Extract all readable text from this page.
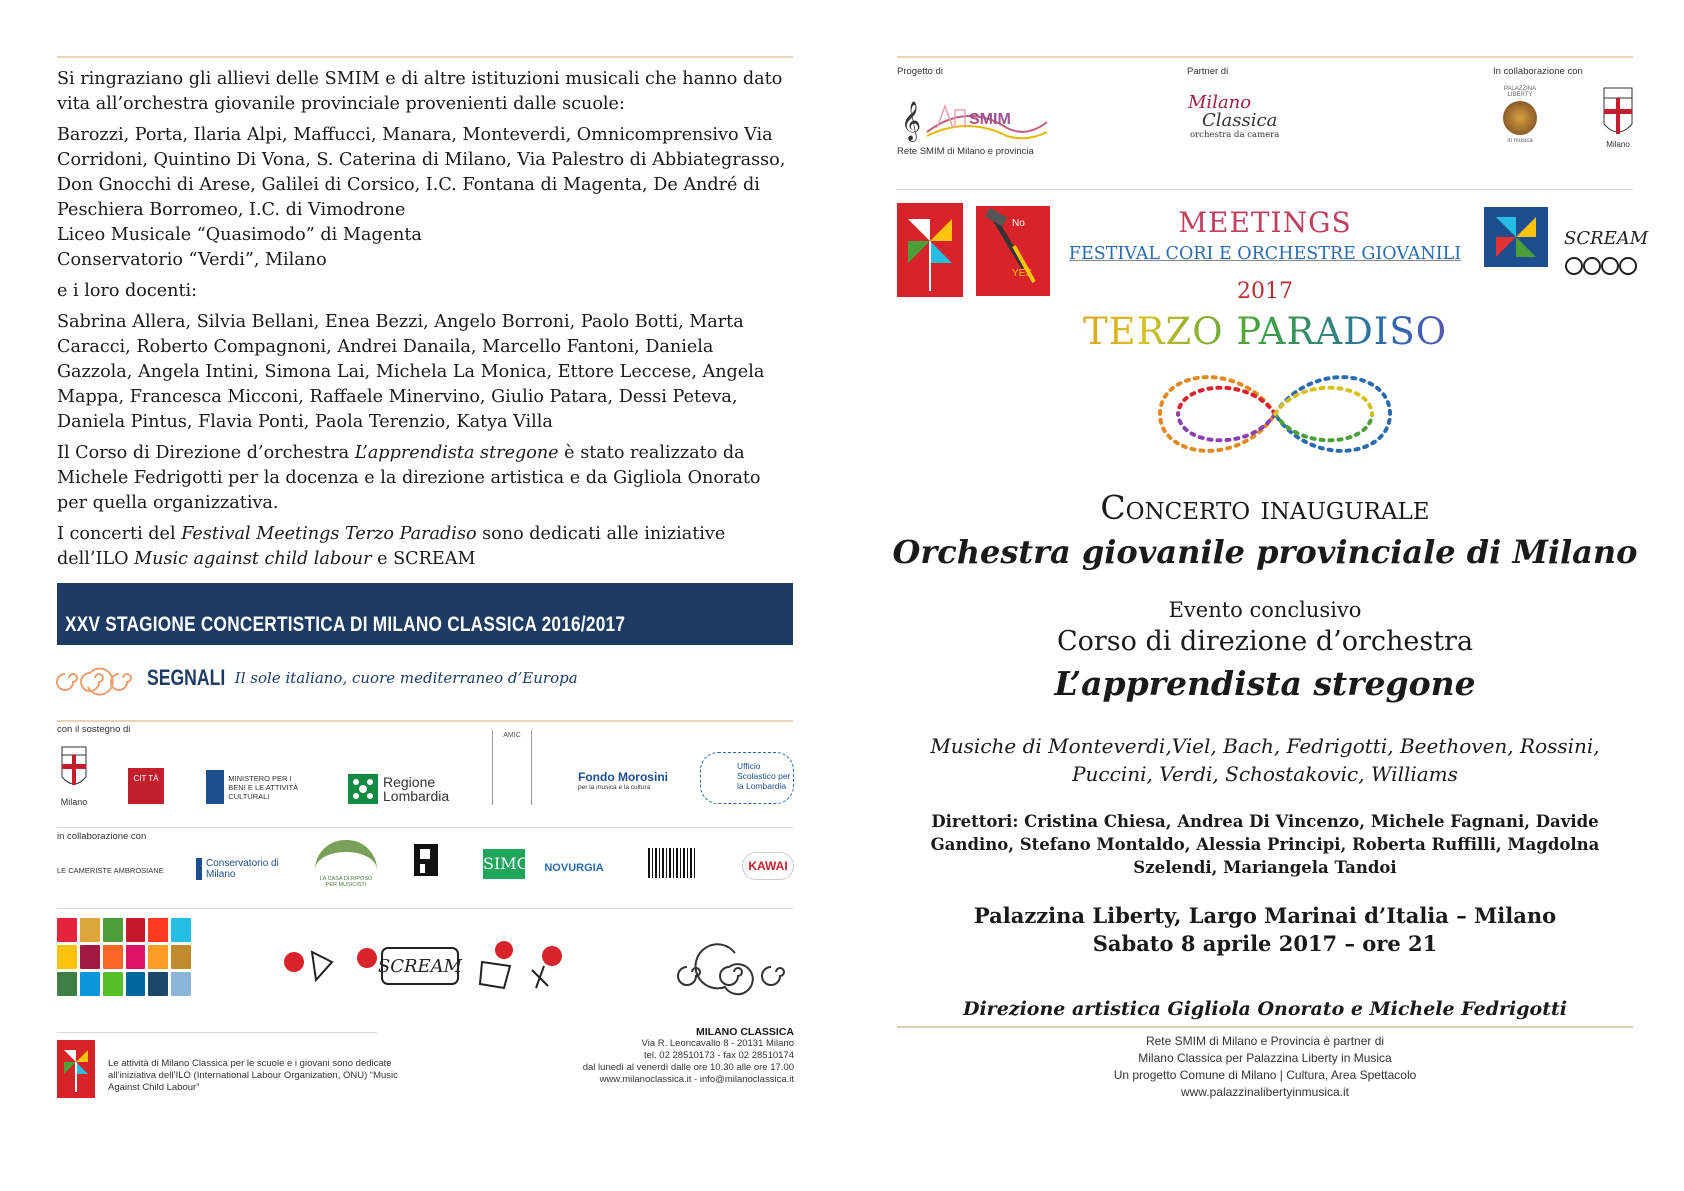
Si ringraziano gli allievi delle SMIM e di altre istituzioni musicali che hanno dato vita all’orchestra giovanile provinciale provenienti dalle scuole:

Barozzi, Porta, Ilaria Alpi, Maffucci, Manara, Monteverdi, Omnicomprensivo Via Corridoni, Quintino Di Vona, S. Caterina di Milano, Via Palestro di Abbiategrasso, Don Gnocchi di Arese, Galilei di Corsico, I.C. Fontana di Magenta, De André di Peschiera Borromeo, I.C. di Vimodrone
Liceo Musicale “Quasimodo” di Magenta

Conservatorio “Verdi”, Milano

e i loro docenti:

Sabrina Allera, Silvia Bellani, Enea Bezzi, Angelo Borroni, Paolo Botti, Marta Caracci, Roberto Compagnoni, Andrei Danaila, Marcello Fantoni, Daniela Gazzola, Angela Intini, Simona Lai, Michela La Monica, Ettore Leccese, Angela Mappa, Francesca Micconi, Raffaele Minervino, Giulio Patara, Dessi Peteva, Daniela Pintus, Flavia Ponti, Paola Terenzio, Katya Villa

Il Corso di Direzione d’orchestra L’apprendista stregone è stato realizzato da Michele Fedrigotti per la docenza e la direzione artistica e da Gigliola Onorato per quella organizzativa.

I concerti del Festival Meetings Terzo Paradiso sono dedicati alle iniziative dell’ILO Music against child labour e SCREAM

XXV STAGIONE CONCERTISTICA DI MILANO CLASSICA 2016/2017
SEGNALI Il sole italiano, cuore mediterraneo d’Europa
con il sostegno di
Milano
CIT TÀ	MINISTERO PER I BENI E LE ATTIVITÀ CULTURALI
Regione
Lombardia
AMIC
Fondo Morosini
per la musica e la cultura
Ufficio Scolastico per la Lombardia
in collaborazione con
LE CAMERISTE AMBROSIANE
Conservatorio di Milano	LA CASA DI RIPOSO PER MUSICISTI
SIMC NOVURGIA	KAWAI
SCREAM
Le attività di Milano Classica per le scuole e i giovani sono dedicate all’iniziativa dell’ILO (International Labour Organization, ONU) “Music Against Child Labour”
MILANO CLASSICA
Via R. Leoncavallo 8 - 20131 Milano
tel. 02 28510173 - fax 02 28510174
dal lunedì al venerdì dalle ore 10.30 alle ore 17.00
www.milanoclassica.it - info@milanoclassica.it
Progetto di
𝄞	SMIM
Rete SMIM di Milano e provincia
Partner di
Milano
Classica
orchestra da camera
In collaborazione con
PALAZZINA LIBERTY
in musica	Milano
No
YES
MEETINGS
FESTIVAL CORI E ORCHESTRE GIOVANILI
2017
TERZO PARADISO
SCREAM
Concerto inaugurale
Orchestra giovanile provinciale di Milano
Evento conclusivo
Corso di direzione d’orchestra
L’apprendista stregone
Musiche di Monteverdi,Viel, Bach, Fedrigotti, Beethoven, Rossini,
Puccini, Verdi, Schostakovic, Williams
Direttori: Cristina Chiesa, Andrea Di Vincenzo, Michele Fagnani, Davide
Gandino, Stefano Montaldo, Alessia Principi, Roberta Ruffilli, Magdolna
Szelendi, Mariangela Tandoi
Palazzina Liberty, Largo Marinai d’Italia – Milano
Sabato 8 aprile 2017 – ore 21
Direzione artistica Gigliola Onorato e Michele Fedrigotti
Rete SMIM di Milano e Provincia è partner di
Milano Classica per Palazzina Liberty in Musica
Un progetto Comune di Milano | Cultura, Area Spettacolo
www.palazzinalibertyinmusica.it
